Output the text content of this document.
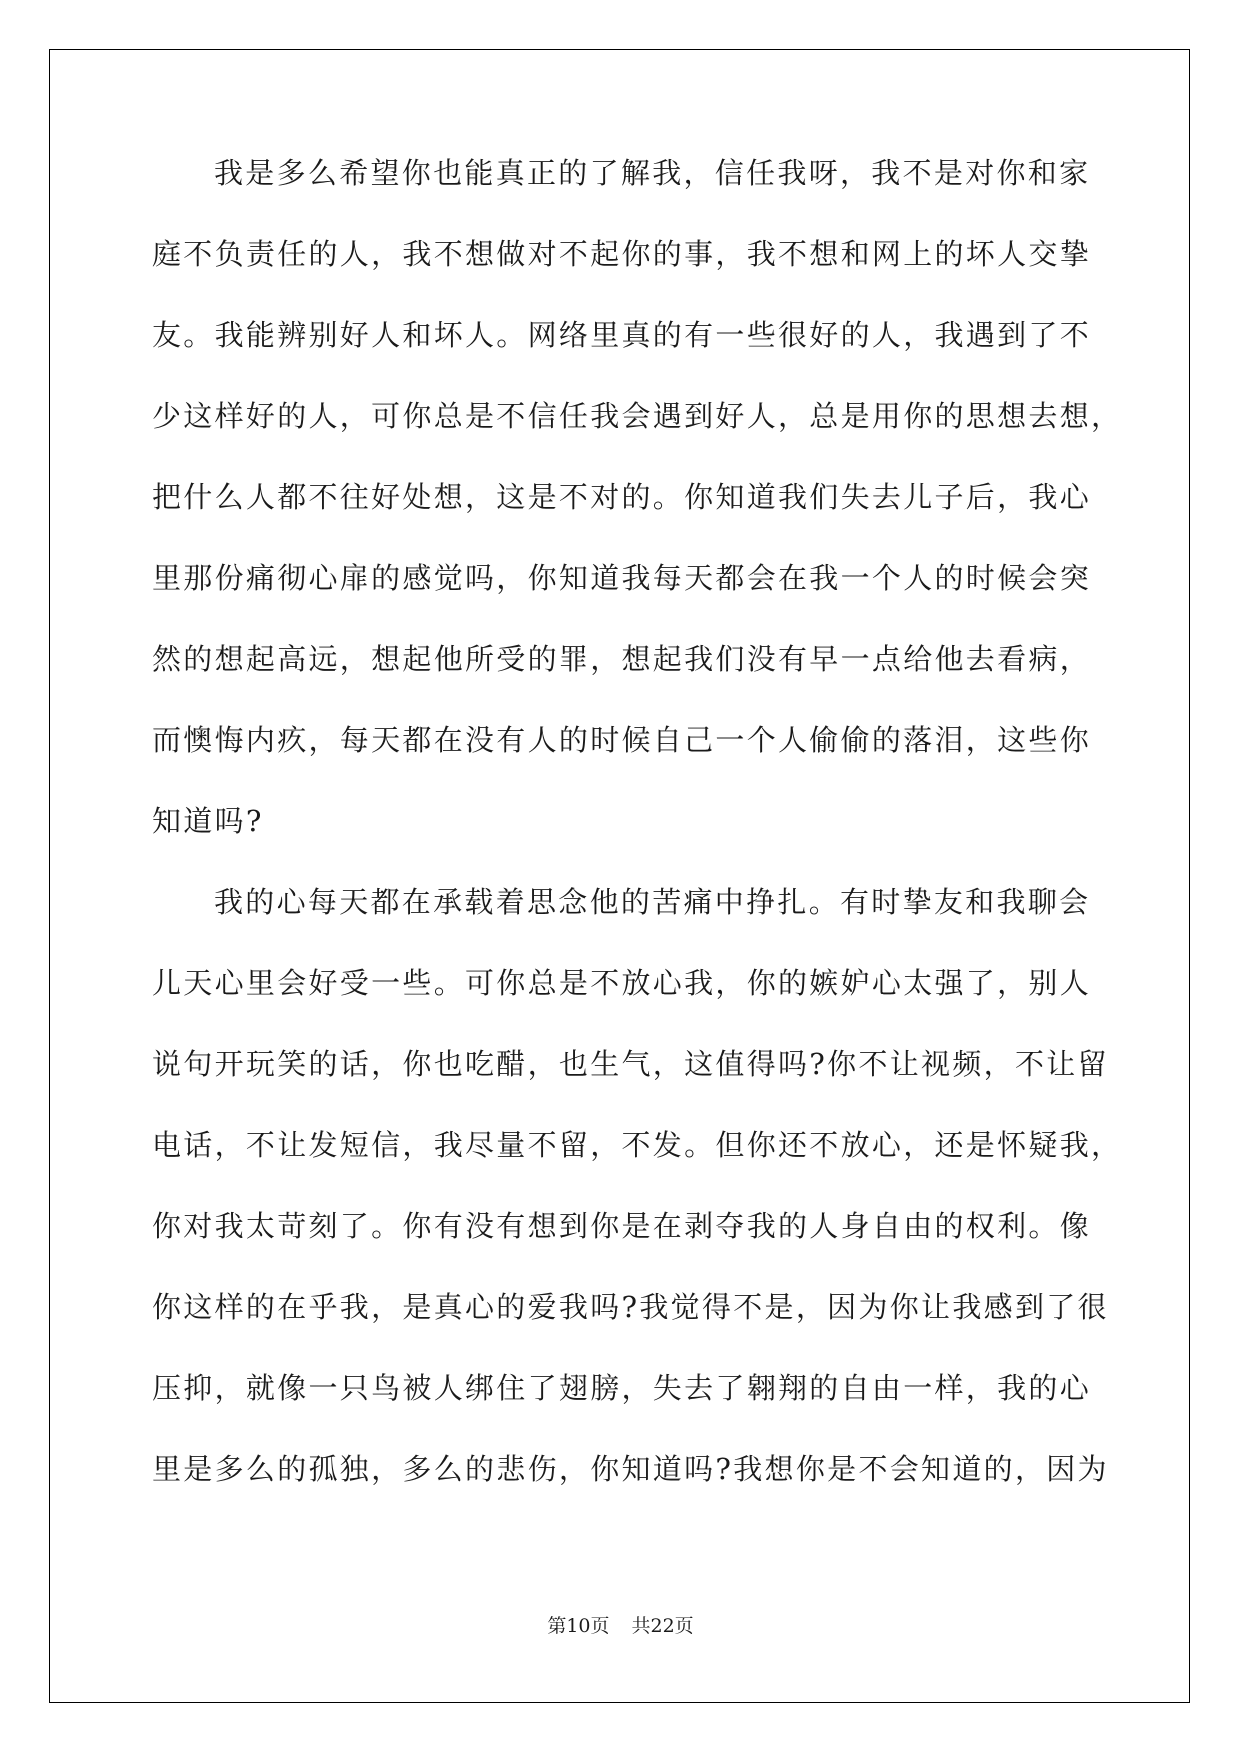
我是多么希望你也能真正的了解我，信任我呀，我不是对你和家
庭不负责任的人，我不想做对不起你的事，我不想和网上的坏人交挚
友。我能辨别好人和坏人。网络里真的有一些很好的人，我遇到了不
少这样好的人，可你总是不信任我会遇到好人，总是用你的思想去想，
把什么人都不往好处想，这是不对的。你知道我们失去儿子后，我心
里那份痛彻心扉的感觉吗，你知道我每天都会在我一个人的时候会突
然的想起高远，想起他所受的罪，想起我们没有早一点给他去看病，
而懊悔内疚，每天都在没有人的时候自己一个人偷偷的落泪，这些你
知道吗?
我的心每天都在承载着思念他的苦痛中挣扎。有时挚友和我聊会
儿天心里会好受一些。可你总是不放心我，你的嫉妒心太强了，别人
说句开玩笑的话，你也吃醋，也生气，这值得吗?你不让视频，不让留
电话，不让发短信，我尽量不留，不发。但你还不放心，还是怀疑我，
你对我太苛刻了。你有没有想到你是在剥夺我的人身自由的权利。像
你这样的在乎我，是真心的爱我吗?我觉得不是，因为你让我感到了很
压抑，就像一只鸟被人绑住了翅膀，失去了翱翔的自由一样，我的心
里是多么的孤独，多么的悲伤，你知道吗?我想你是不会知道的，因为
第10页 共22页
